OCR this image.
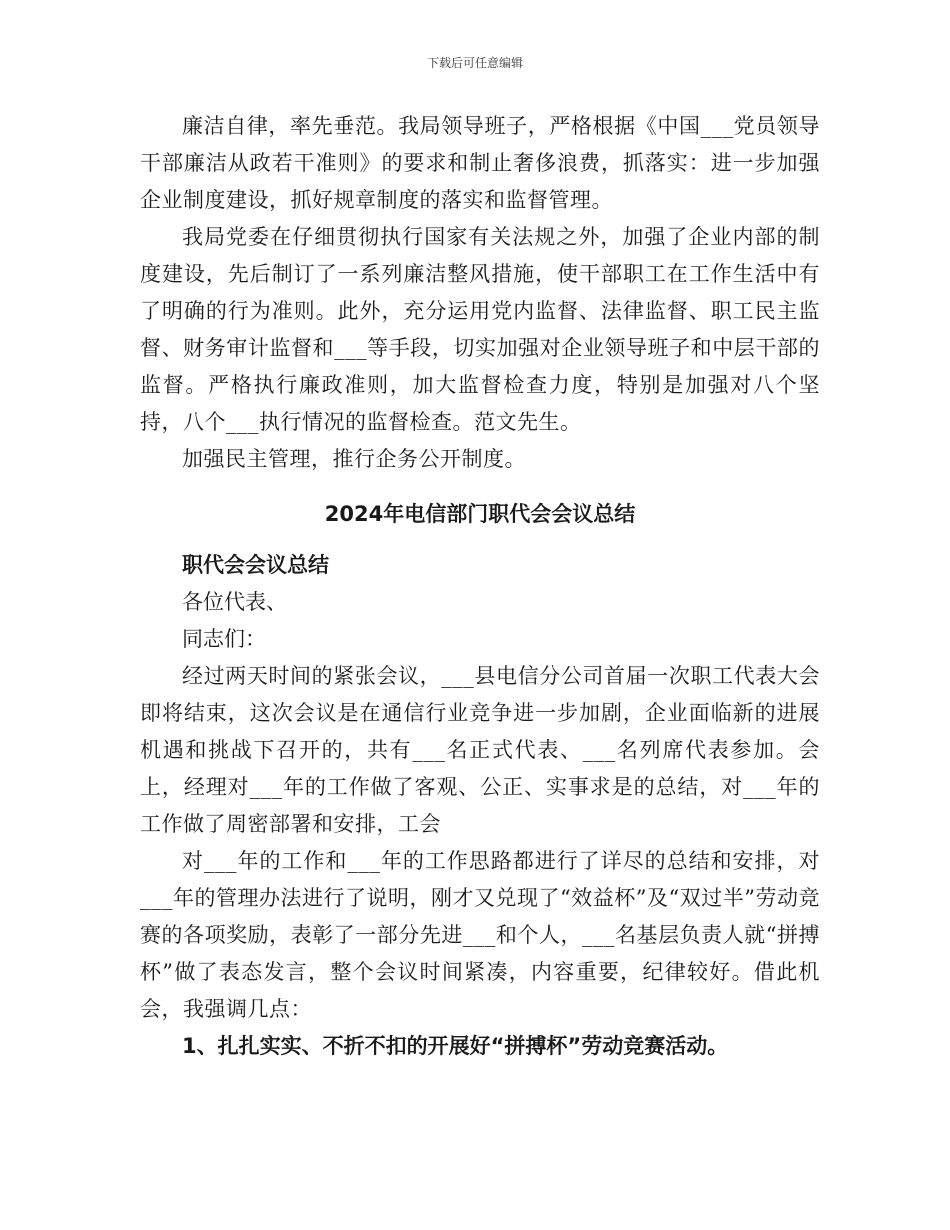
下载后可任意编辑

廉洁自律，率先垂范。我局领导班子，严格根据《中国___党员领导干部廉洁从政若干准则》的要求和制止奢侈浪费，抓落实：进一步加强企业制度建设，抓好规章制度的落实和监督管理。

我局党委在仔细贯彻执行国家有关法规之外，加强了企业内部的制度建设，先后制订了一系列廉洁整风措施，使干部职工在工作生活中有了明确的行为准则。此外，充分运用党内监督、法律监督、职工民主监督、财务审计监督和___等手段，切实加强对企业领导班子和中层干部的监督。严格执行廉政准则，加大监督检查力度，特别是加强对八个坚持，八个___执行情况的监督检查。范文先生。

加强民主管理，推行企务公开制度。

2024年电信部门职代会会议总结

职代会会议总结

各位代表、

同志们：

经过两天时间的紧张会议，___县电信分公司首届一次职工代表大会即将结束，这次会议是在通信行业竞争进一步加剧，企业面临新的进展机遇和挑战下召开的，共有___名正式代表、___名列席代表参加。会上，经理对___年的工作做了客观、公正、实事求是的总结，对___年的工作做了周密部署和安排，工会

对___年的工作和___年的工作思路都进行了详尽的总结和安排，对___年的管理办法进行了说明，刚才又兑现了“效益杯”及“双过半”劳动竞赛的各项奖励，表彰了一部分先进___和个人，___名基层负责人就“拼搏杯”做了表态发言，整个会议时间紧凑，内容重要，纪律较好。借此机会，我强调几点：

1、扎扎实实、不折不扣的开展好“拼搏杯”劳动竞赛活动。
